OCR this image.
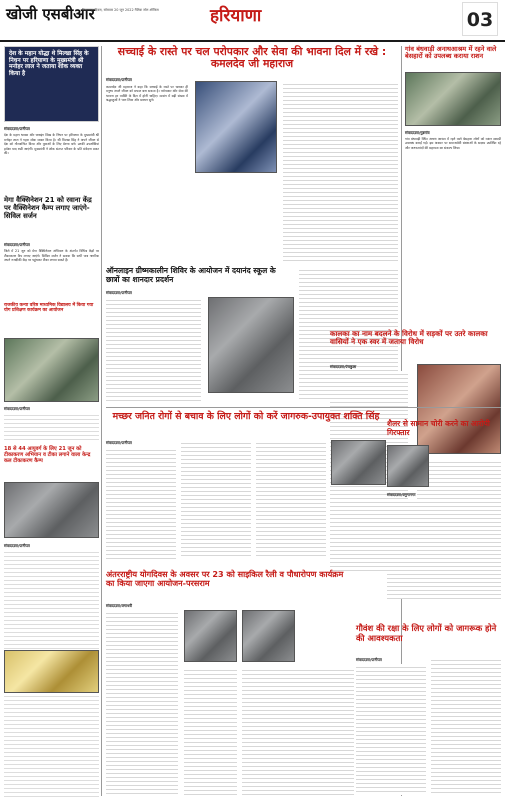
खोजी एसबीआर
बिलासपुर दिवस, सोमवार 20 जून 2022 नैतिक जोन ऑफिस	हरियाणा	03
देश के महान योद्धा थे मिल्खा सिंह के निधन पर हरियाणा के मुख्यमंत्री श्री मनोहर लाल ने जताया शोक व्यक्त किया है
संवाददाता/पानीपत
देश के महान धावक और फ्लाइंग सिख के निधन पर हरियाणा के मुख्यमंत्री श्री मनोहर लाल ने गहरा शोक व्यक्त किया है। श्री मिल्खा सिंह ने अपने जीवन से देश को गौरवान्वित किया और युवाओं के लिए प्रेरणा बने। उनकी उपलब्धियां हमेशा याद रखी जाएंगी। मुख्यमंत्री ने शोक संतप्त परिवार के प्रति संवेदना प्रकट की।
मेगा वैक्सिनेशन 21 को रवाना केंद्र पर वैक्सिनेशन कैम्प लगाए जाएंगे-सिविल सर्जन
संवाददाता/पानीपत
जिले में 21 जून को मेगा वैक्सिनेशन अभियान के अंतर्गत विभिन्न केंद्रों पर टीकाकरण कैंप लगाए जाएंगे। सिविल सर्जन ने बताया कि सभी पात्र नागरिक अपने नजदीकी केंद्र पर पहुंचकर टीका लगवा सकते हैं।
राजकीय कन्या वरिष्ठ माध्यमिक विद्यालय में किया गया योग प्रशिक्षण कार्यक्रम का आयोजन
संवाददाता/पानीपत
18 से 44 आयुवर्ग के लिए 21 जून को टीकाकरण अभियान व टीका लगाने वाला केन्द्र कल टीकाकरण कैम्प
संवाददाता/पानीपत
सच्चाई के रास्ते पर चल परोपकार और सेवा की भावना दिल में रखे : कमलदेव जी महाराज
संवाददाता/पानीपत
कमलदेव जी महाराज ने कहा कि सच्चाई के रास्ते पर चलकर ही मनुष्य अपने जीवन को सफल बना सकता है। परोपकार और सेवा की भावना हर व्यक्ति के दिल में होनी चाहिए। सत्संग में बड़ी संख्या में श्रद्धालुओं ने भाग लिया और प्रवचन सुने।
ऑनलाइन ग्रीष्मकालीन शिविर के आयोजन में दयानंद स्कूल के छात्रों का शानदार प्रदर्शन
संवाददाता/पानीपत
गांव बंधवाड़ी अनाथआश्रम में रहने वाले बेसहारों को उपलब्ध कराया राशन
संवाददाता/गुडगांव
गांव बंधवाड़ी स्थित अनाथ आश्रम में रहने वाले बेसहारा लोगों को राशन सामग्री उपलब्ध कराई गई। इस अवसर पर समाजसेवी संस्थाओं के सदस्य उपस्थित रहे और जरूरतमंदों की सहायता का संकल्प लिया।
कालका का नाम बदलने के विरोध में सड़कों पर उतरे कालका वासियों ने एक स्वर में जताया विरोध
संवाददाता/पंचकुला
मच्छर जनित रोगों से बचाव के लिए लोगों को करें जागरुक-उपायुक्त शक्ति सिंह
संवाददाता/पानीपत
अंतरराष्ट्रीय योगदिवस के अवसर पर 23 को साइकिल रैली व पौधारोपण कार्यक्रम का किया जाएगा आयोजन-परसराम
संवाददाता/जगाधरी
शैलर से सामान चोरी करने का आरोपी गिरफ्तार
संवाददाता/यमुनानगर
गौवंश की रक्षा के लिए लोगों को जागरूक होने की आवश्यकता
संवाददाता/पानीपत
